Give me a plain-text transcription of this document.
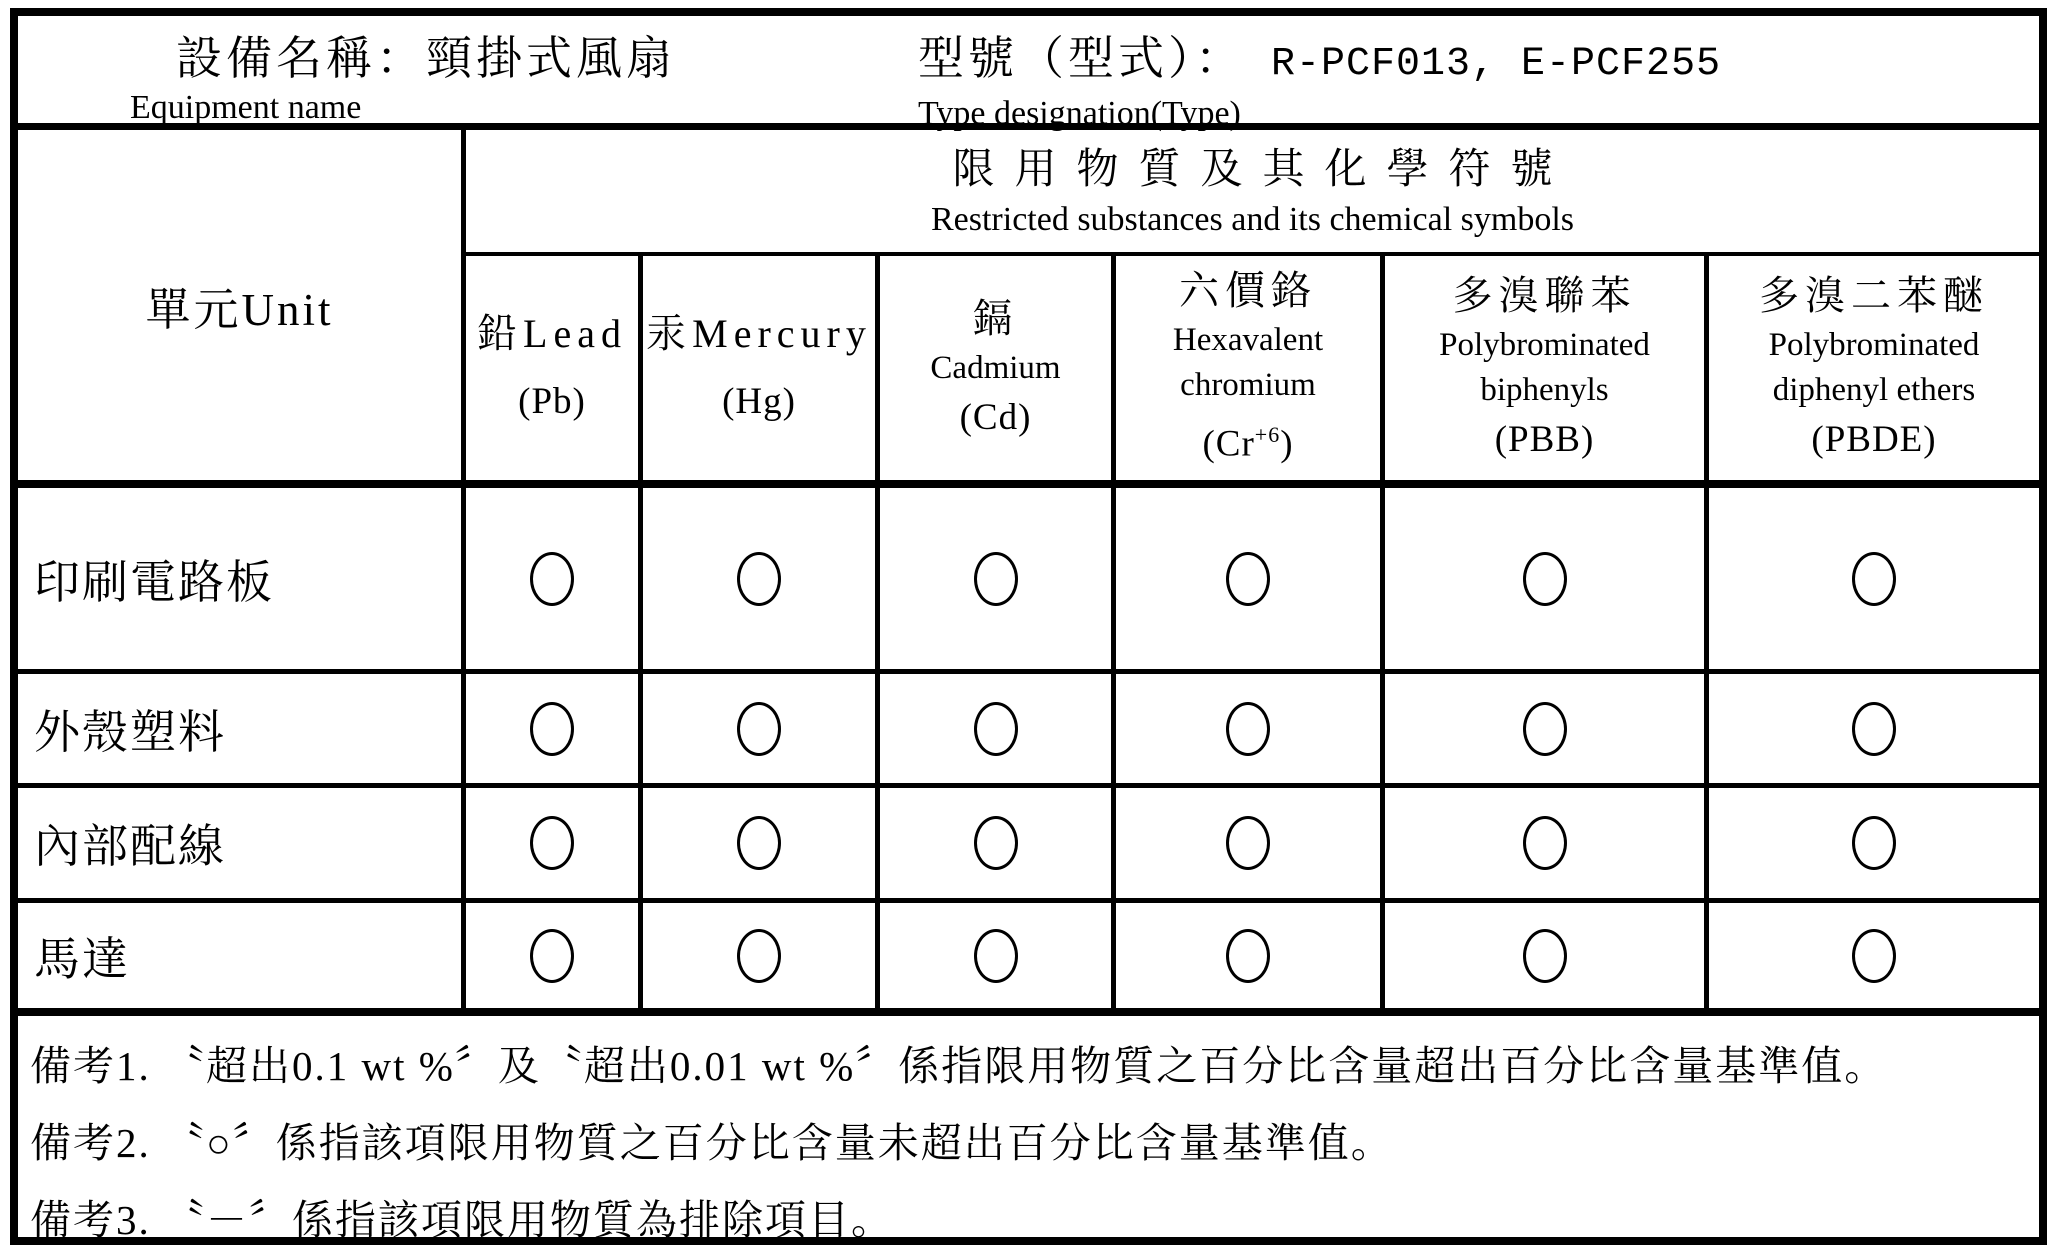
設備名稱：頸掛式風扇
Equipment name
型號（型式）： R-PCF013, E-PCF255
Type designation(Type)
單元Unit
限用物質及其化學符號
Restricted substances and its chemical symbols
鉛Lead
(Pb)
汞Mercury
(Hg)
鎘
Cadmium
(Cd)
六價鉻
Hexavalent
chromium
$(Cr^{+6})$
多溴聯苯
Polybrominated
biphenyls
(PBB)
多溴二苯醚
Polybrominated
diphenyl ethers
(PBDE)
備考1. 〝超出0.1 wt %〞及〝超出0.01 wt %〞係指限用物質之百分比含量超出百分比含量基準值。
備考2. 〝○〞係指該項限用物質之百分比含量未超出百分比含量基準值。
備考3. 〝－〞係指該項限用物質為排除項目。
印刷電路板
外殼塑料
內部配線
馬達
